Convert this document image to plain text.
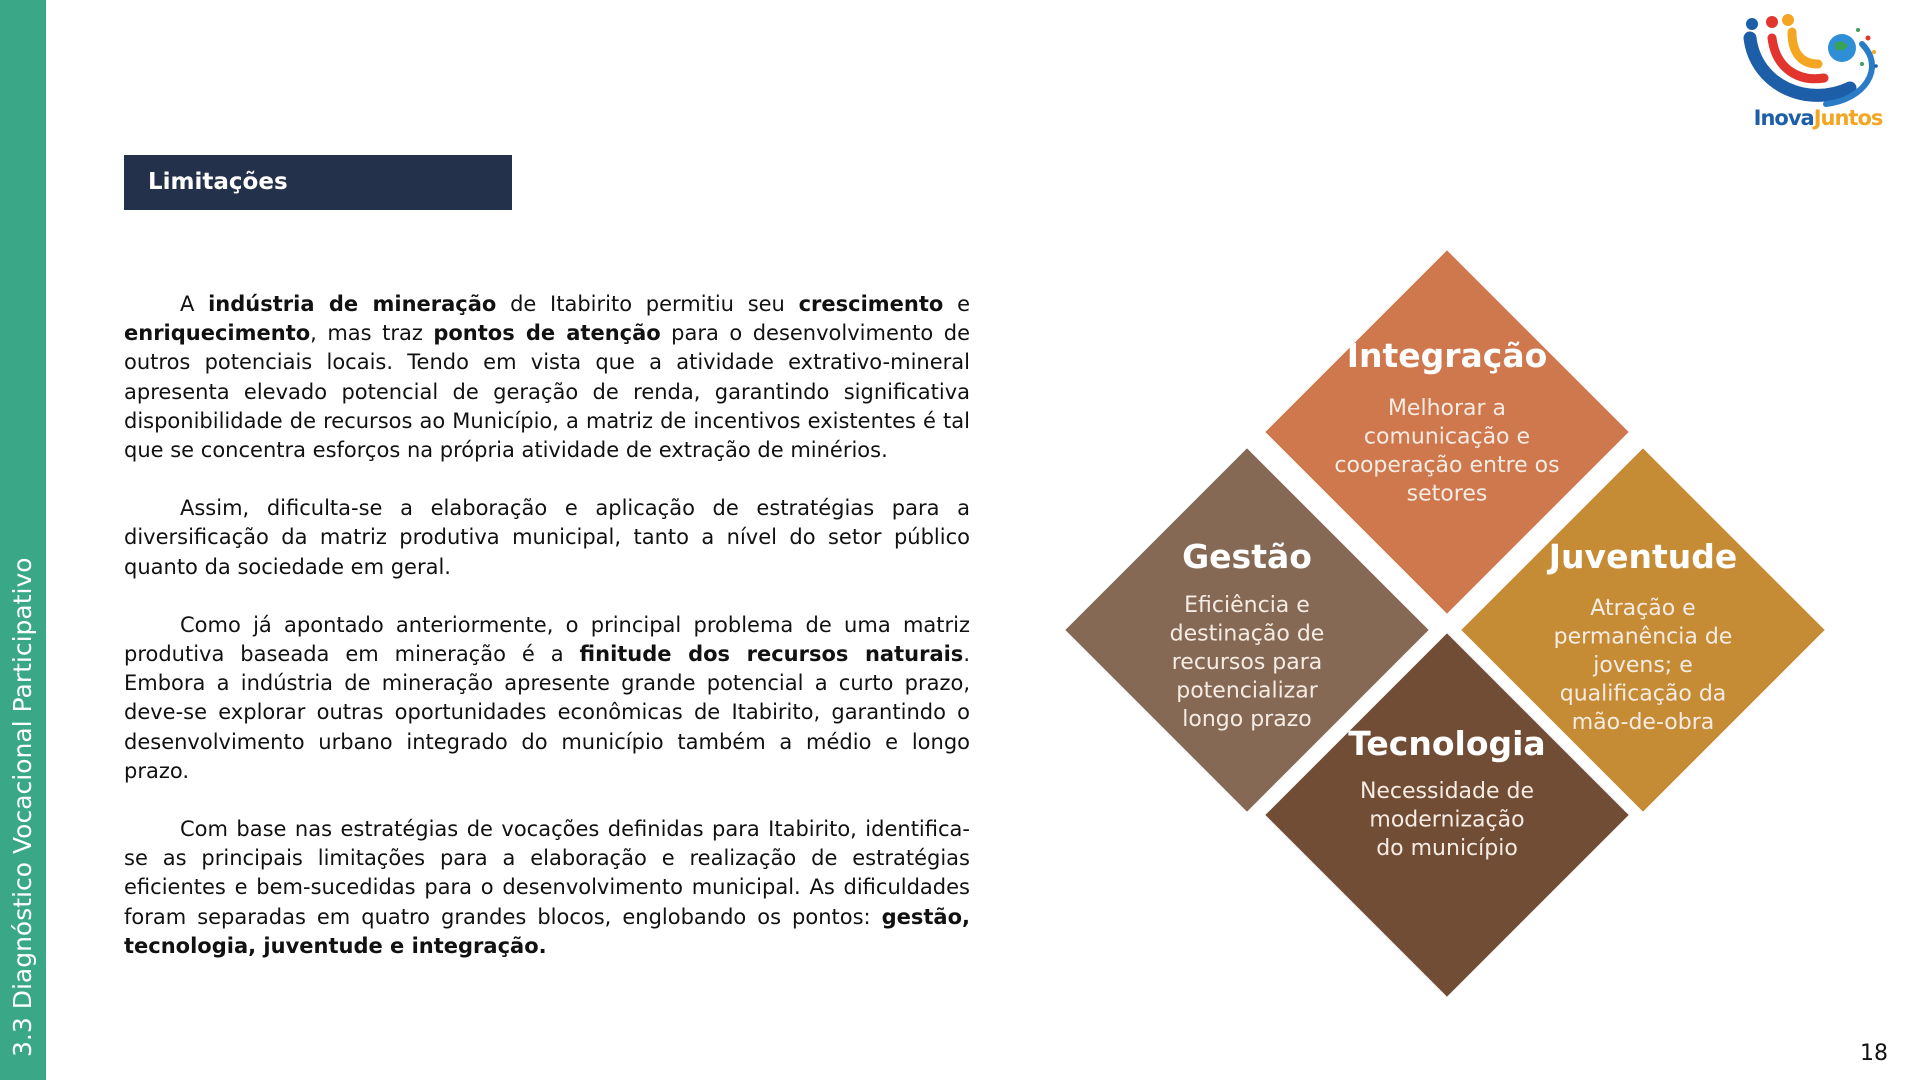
3.3 Diagnóstico Vocacional Participativo
InovaJuntos
Limitações

A indústria de mineração de Itabirito permitiu seu crescimento e enriquecimento, mas traz pontos de atenção para o desenvolvimento de outros potenciais locais. Tendo em vista que a atividade extrativo-mineral apresenta elevado potencial de geração de renda, garantindo significativa disponibilidade de recursos ao Município, a matriz de incentivos existentes é tal que se concentra esforços na própria atividade de extração de minérios.

Assim, dificulta-se a elaboração e aplicação de estratégias para a diversificação da matriz produtiva municipal, tanto a nível do setor público quanto da sociedade em geral.

Como já apontado anteriormente, o principal problema de uma matriz produtiva baseada em mineração é a finitude dos recursos naturais. Embora a indústria de mineração apresente grande potencial a curto prazo, deve-se explorar outras oportunidades econômicas de Itabirito, garantindo o desenvolvimento urbano integrado do município também a médio e longo prazo.

Com base nas estratégias de vocações definidas para Itabirito, identifica-se as principais limitações para a elaboração e realização de estratégias eficientes e bem-sucedidas para o desenvolvimento municipal. As dificuldades foram separadas em quatro grandes blocos, englobando os pontos: gestão, tecnologia, juventude e integração.

Gestão
Eficiência e
destinação de
recursos para
potencializar
longo prazo
Tecnologia
Necessidade de
modernização
do município
Juventude
Atração e
permanência de
jovens; e
qualificação da
mão-de-obra
Integração
Melhorar a
comunicação e
cooperação entre os
setores
18
